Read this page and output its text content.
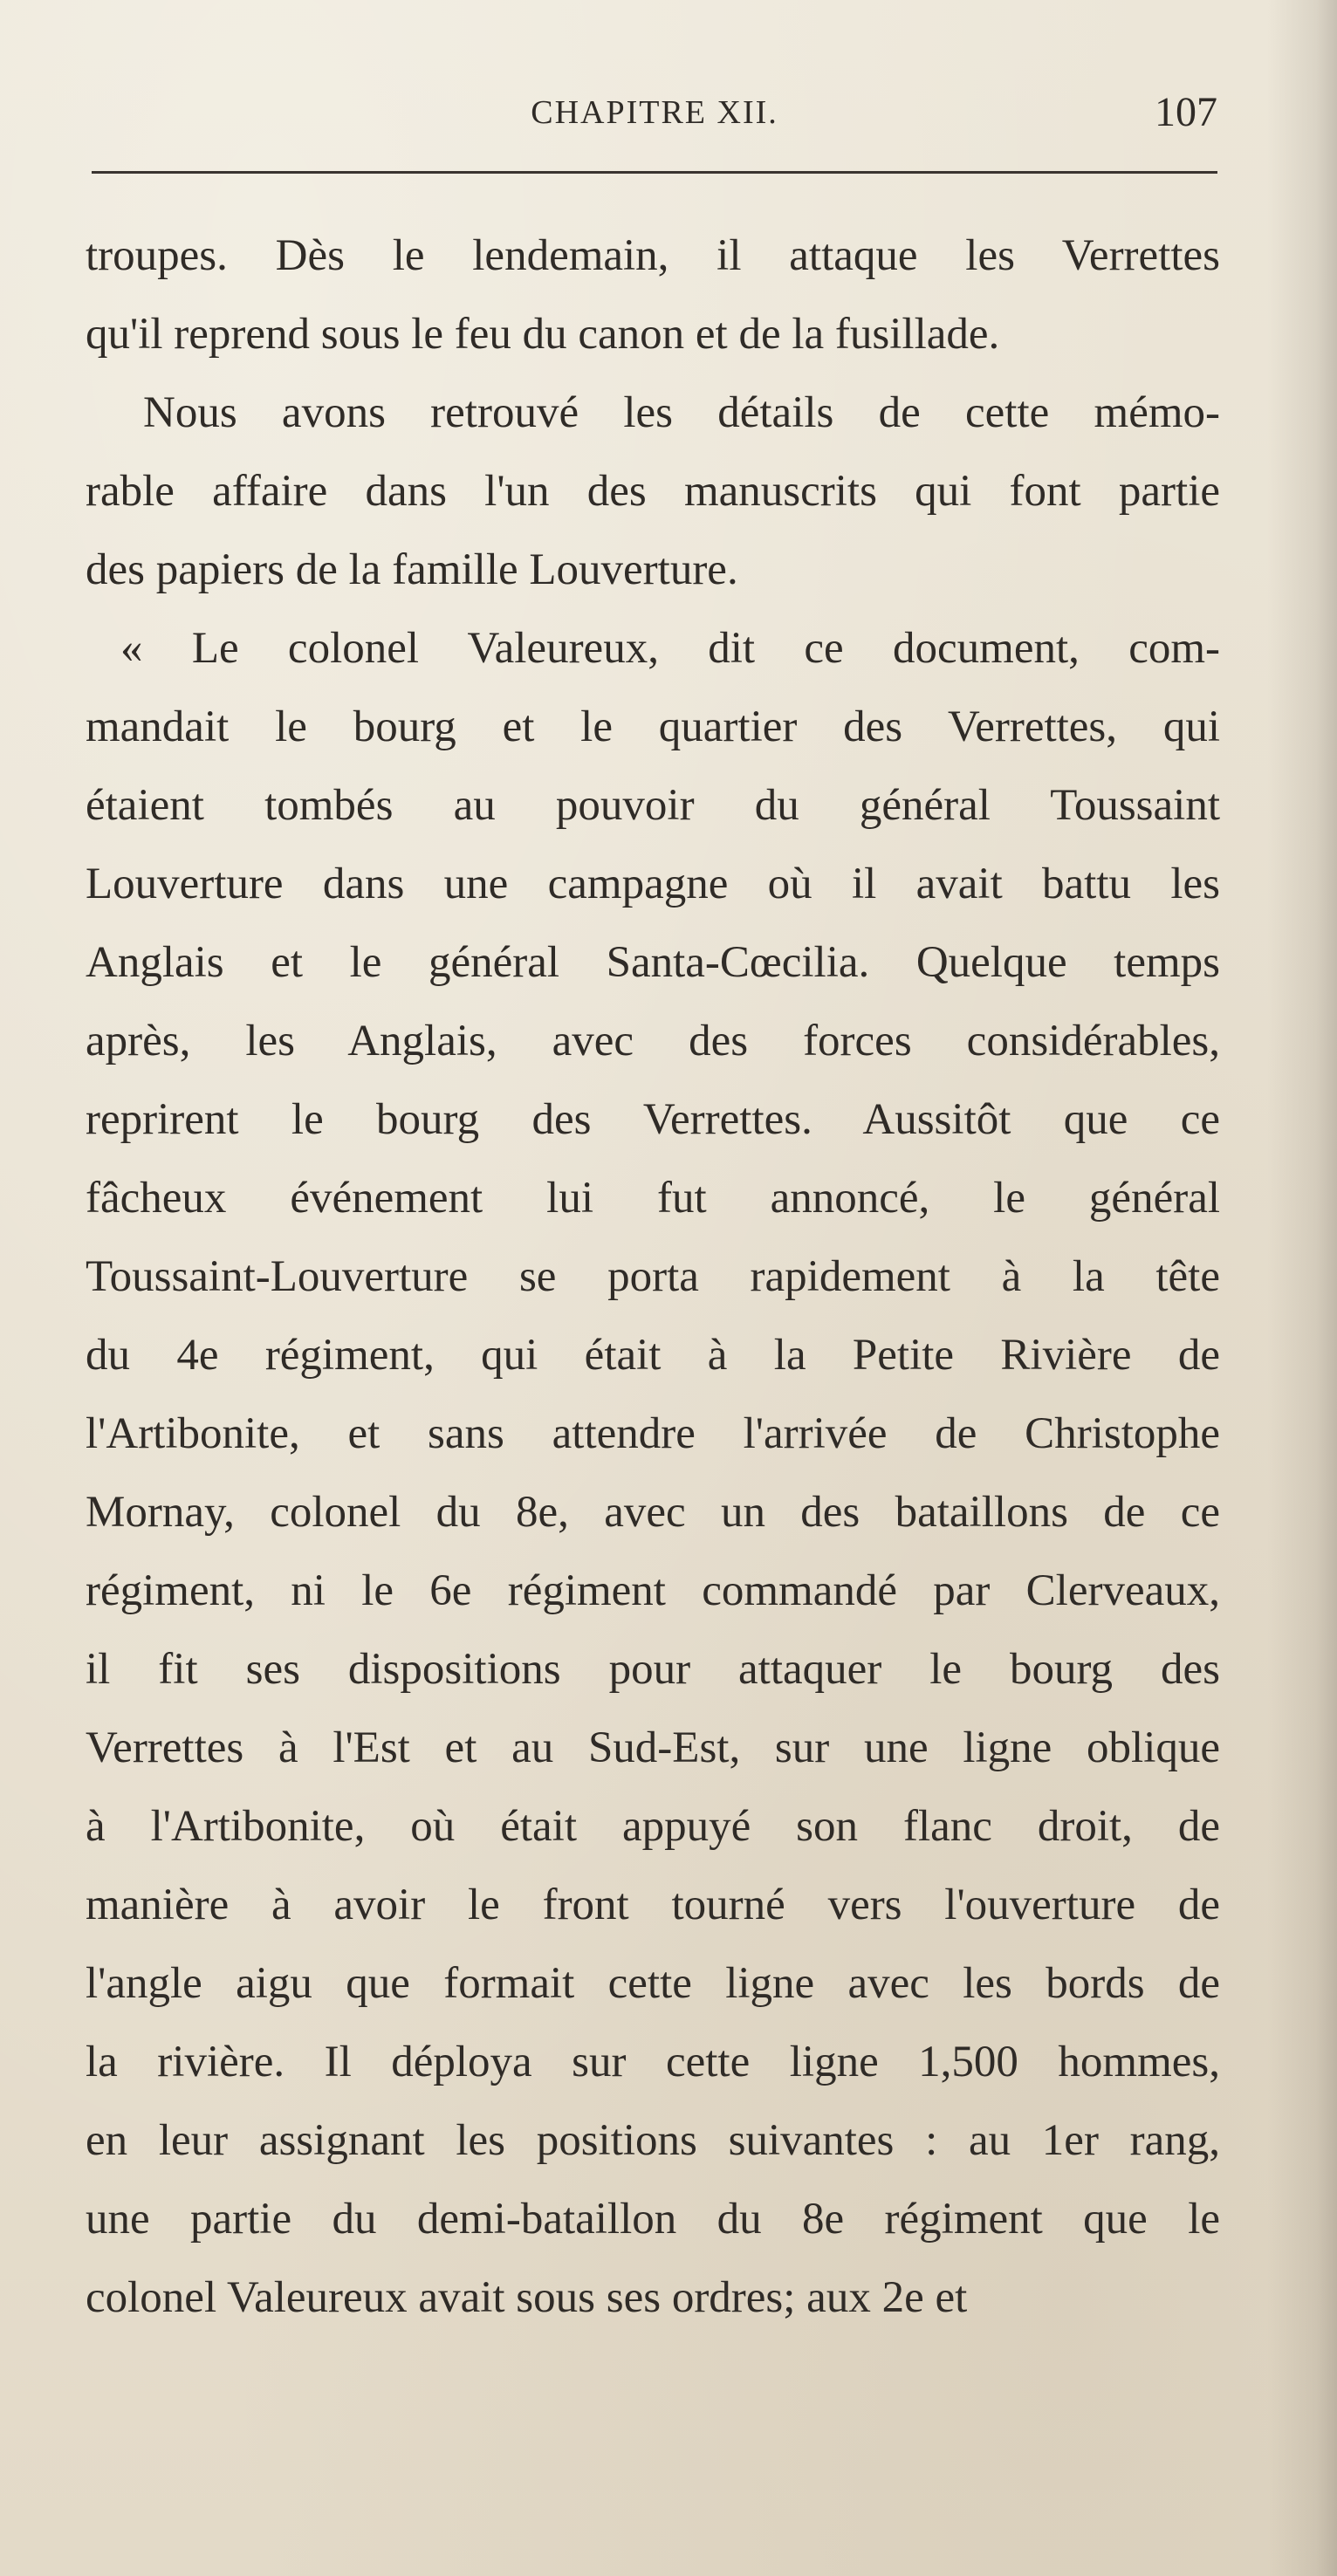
CHAPITRE XII.	107
troupes. Dès le lendemain, il attaque les Verrettes
qu'il reprend sous le feu du canon et de la fusillade.
Nous avons retrouvé les détails de cette mémo-
rable affaire dans l'un des manuscrits qui font partie
des papiers de la famille Louverture.
« Le colonel Valeureux, dit ce document, com-
mandait le bourg et le quartier des Verrettes, qui
étaient tombés au pouvoir du général Toussaint
Louverture dans une campagne où il avait battu les
Anglais et le général Santa-Cœcilia. Quelque temps
après, les Anglais, avec des forces considérables,
reprirent le bourg des Verrettes. Aussitôt que ce
fâcheux événement lui fut annoncé, le général
Toussaint-Louverture se porta rapidement à la tête
du 4e régiment, qui était à la Petite Rivière de
l'Artibonite, et sans attendre l'arrivée de Christophe
Mornay, colonel du 8e, avec un des bataillons de ce
régiment, ni le 6e régiment commandé par Clerveaux,
il fit ses dispositions pour attaquer le bourg des
Verrettes à l'Est et au Sud-Est, sur une ligne oblique
à l'Artibonite, où était appuyé son flanc droit, de
manière à avoir le front tourné vers l'ouverture de
l'angle aigu que formait cette ligne avec les bords de
la rivière. Il déploya sur cette ligne 1,500 hommes,
en leur assignant les positions suivantes : au 1er rang,
une partie du demi-bataillon du 8e régiment que le
colonel Valeureux avait sous ses ordres; aux 2e et
